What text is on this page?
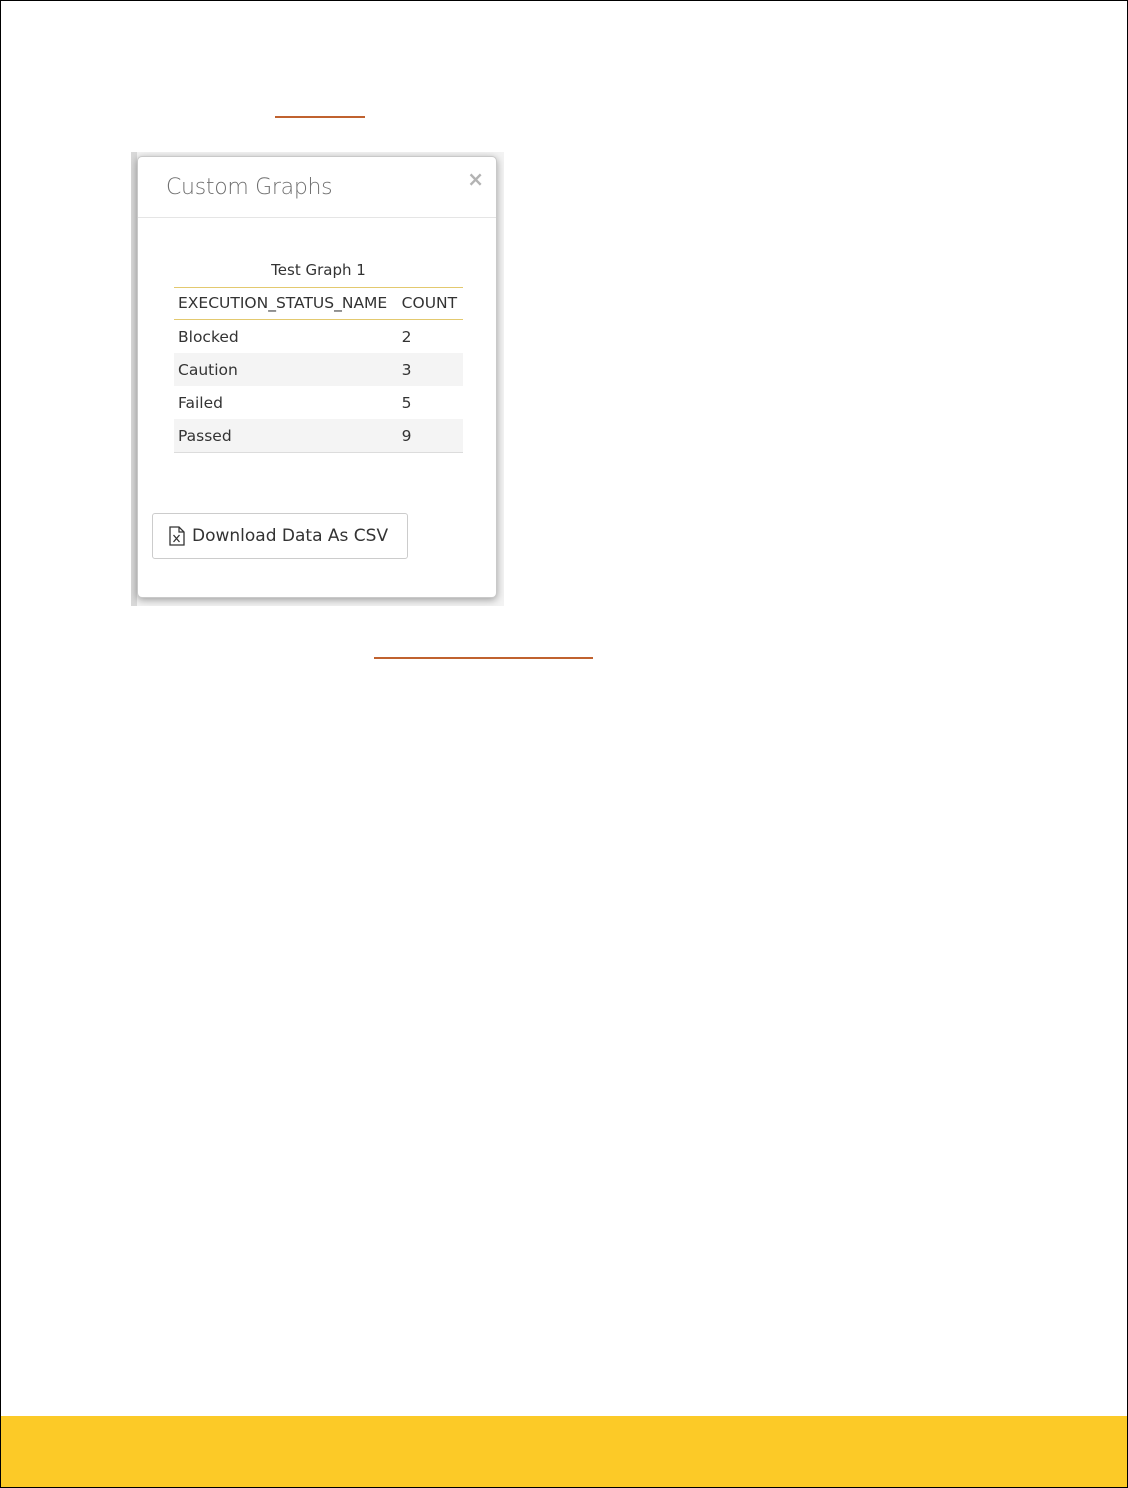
Custom Graphs	×
Test Graph 1
EXECUTION_STATUS_NAME	COUNT
Blocked	2
Caution	3
Failed	5
Passed	9
Download Data As CSV
